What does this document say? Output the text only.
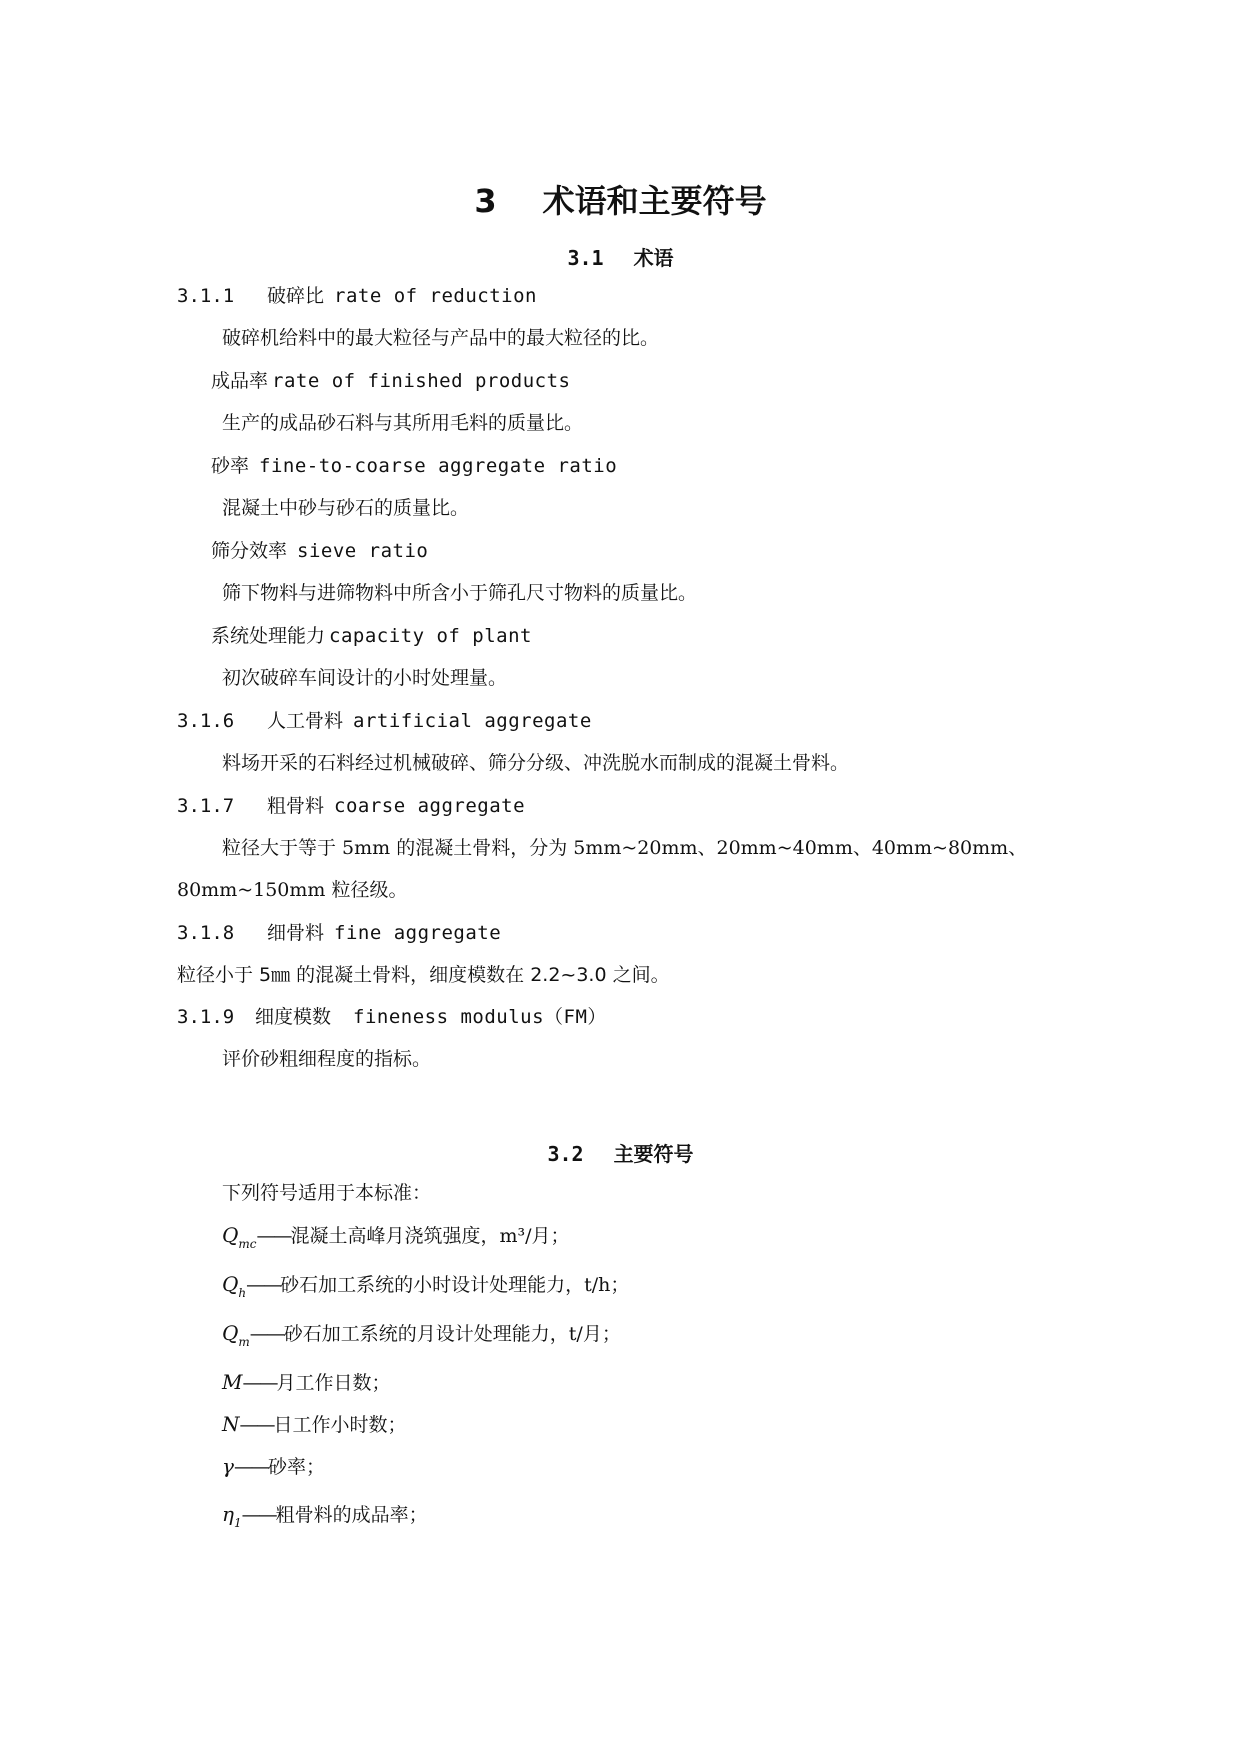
3 术语和主要符号
3.1 术语
3.1.1 破碎比 rate of reduction
破碎机给料中的最大粒径与产品中的最大粒径的比。
成品率 rate of finished products
生产的成品砂石料与其所用毛料的质量比。
砂率 fine-to-coarse aggregate ratio
混凝土中砂与砂石的质量比。
筛分效率 sieve ratio
筛下物料与进筛物料中所含小于筛孔尺寸物料的质量比。
系统处理能力 capacity of plant
初次破碎车间设计的小时处理量。
3.1.6 人工骨料 artificial aggregate
料场开采的石料经过机械破碎、筛分分级、冲洗脱水而制成的混凝土骨料。
3.1.7 粗骨料 coarse aggregate
粒径大于等于 5mm 的混凝土骨料，分为 5mm~20mm、20mm~40mm、40mm~80mm、
80mm~150mm 粒径级。
3.1.8 细骨料 fine aggregate
粒径小于 5㎜ 的混凝土骨料，细度模数在 2.2~3.0 之间。
3.1.9 细度模数 fineness modulus（FM）
评价砂粗细程度的指标。
3.2 主要符号
下列符号适用于本标准：
$Q_{mc}——$混凝土高峰月浇筑强度，m³/月；
$Q_h——$砂石加工系统的小时设计处理能力，t/h；
$Q_m——$砂石加工系统的月设计处理能力，t/月；
M——月工作日数；
N——日工作小时数；
γ——砂率；
$\eta_1——$粗骨料的成品率；
